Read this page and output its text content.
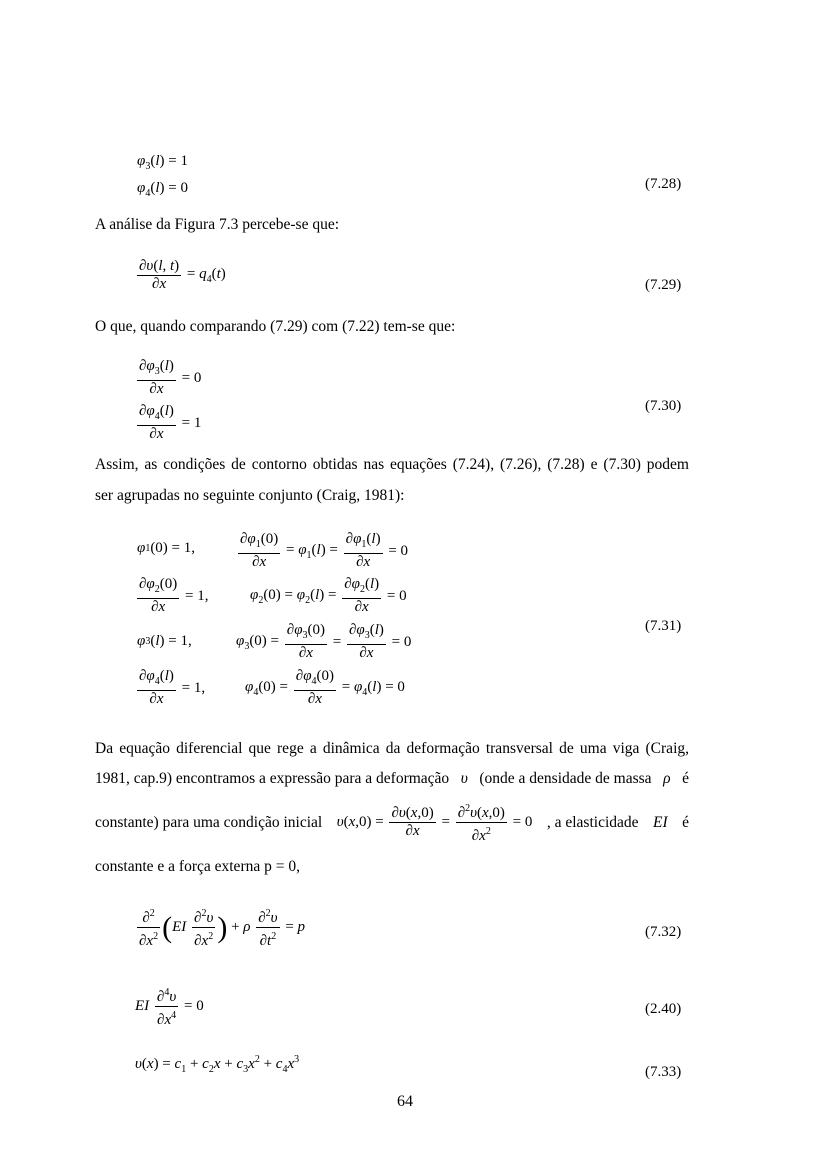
$\varphi_3(l) = 1$
$\varphi_4(l) = 0$	(7.28)
A análise da Figura 7.3 percebe-se que:
$\frac{\partial\upsilon(l, t)}{\partial x} = q_4(t)$
(7.29)
O que, quando comparando (7.29) com (7.22) tem-se que:
$\frac{\partial\varphi_3(l)}{\partial x} = 0$
$\frac{\partial\varphi_4(l)}{\partial x} = 1$
(7.30)
Assim, as condições de contorno obtidas nas equações (7.24), (7.26), (7.28) e (7.30) podem
ser agrupadas no seguinte conjunto (Craig, 1981):
φ 1 (0) = 1,	$\frac{\partial\varphi_1(0)}{\partial x} = \varphi_1(l) = \frac{\partial\varphi_1(l)}{\partial x} = 0$
$\frac{\partial\varphi_2(0)}{\partial x} = 1$,	$\varphi_2(0) = \varphi_2(l) = \frac{\partial\varphi_2(l)}{\partial x} = 0$
φ 3 ( l ) = 1,	$\varphi_3(0) = \frac{\partial\varphi_3(0)}{\partial x} = \frac{\partial\varphi_3(l)}{\partial x} = 0$
$\frac{\partial\varphi_4(l)}{\partial x} = 1$,	$\varphi_4(0) = \frac{\partial\varphi_4(0)}{\partial x} = \varphi_4(l) = 0$
(7.31)
Da equação diferencial que rege a dinâmica da deformação transversal de uma viga (Craig,
1981, cap.9) encontramos a expressão para a deformação υ (onde a densidade de massa ρ é
constante) para uma condição inicial $\upsilon(x,0) = \frac{\partial\upsilon(x,0)}{\partial x} = \frac{\partial^2\upsilon(x,0)}{\partial x^2} = 0$ , a elasticidade EI é
constante e a força externa p = 0,
$\frac{\partial^2}{\partial x^2}$ ( EI $\frac{\partial^2\upsilon}{\partial x^2}$ ) + ρ $\frac{\partial^2\upsilon}{\partial t^2} = p$	(7.32)
EI $\frac{\partial^4\upsilon}{\partial x^4} = 0$	(2.40)
$\upsilon(x) = c_1 + c_2x + c_3x^2 + c_4x^3$
(7.33)
64
